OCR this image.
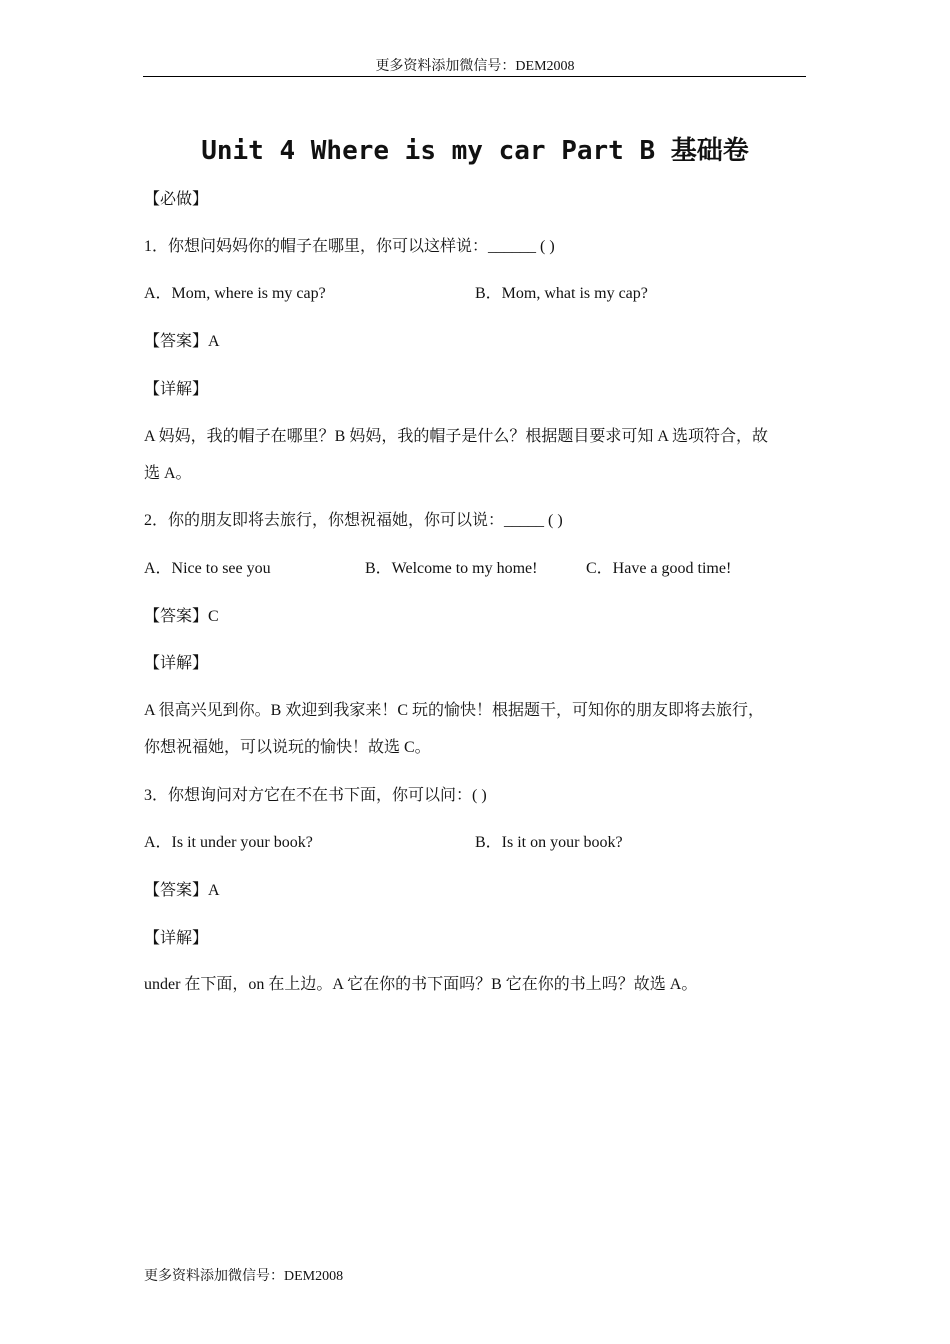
更多资料添加微信号：DEM2008
Unit 4 Where is my car Part B 基础卷
【必做】
1．你想问妈妈你的帽子在哪里，你可以这样说：______ ( )
A．Mom, where is my cap?	B．Mom, what is my cap?
【答案】A
【详解】
A 妈妈，我的帽子在哪里？B 妈妈，我的帽子是什么？根据题目要求可知 A 选项符合，故
选 A。
2．你的朋友即将去旅行，你想祝福她，你可以说：_____ ( )
A．Nice to see you	B．Welcome to my home!	C．Have a good time!
【答案】C
【详解】
A 很高兴见到你。B 欢迎到我家来！C 玩的愉快！根据题干，可知你的朋友即将去旅行，
你想祝福她，可以说玩的愉快！故选 C。
3．你想询问对方它在不在书下面，你可以问：( )
A．Is it under your book?	B．Is it on your book?
【答案】A
【详解】
under 在下面，on 在上边。A 它在你的书下面吗？B 它在你的书上吗？故选 A。
更多资料添加微信号：DEM2008
